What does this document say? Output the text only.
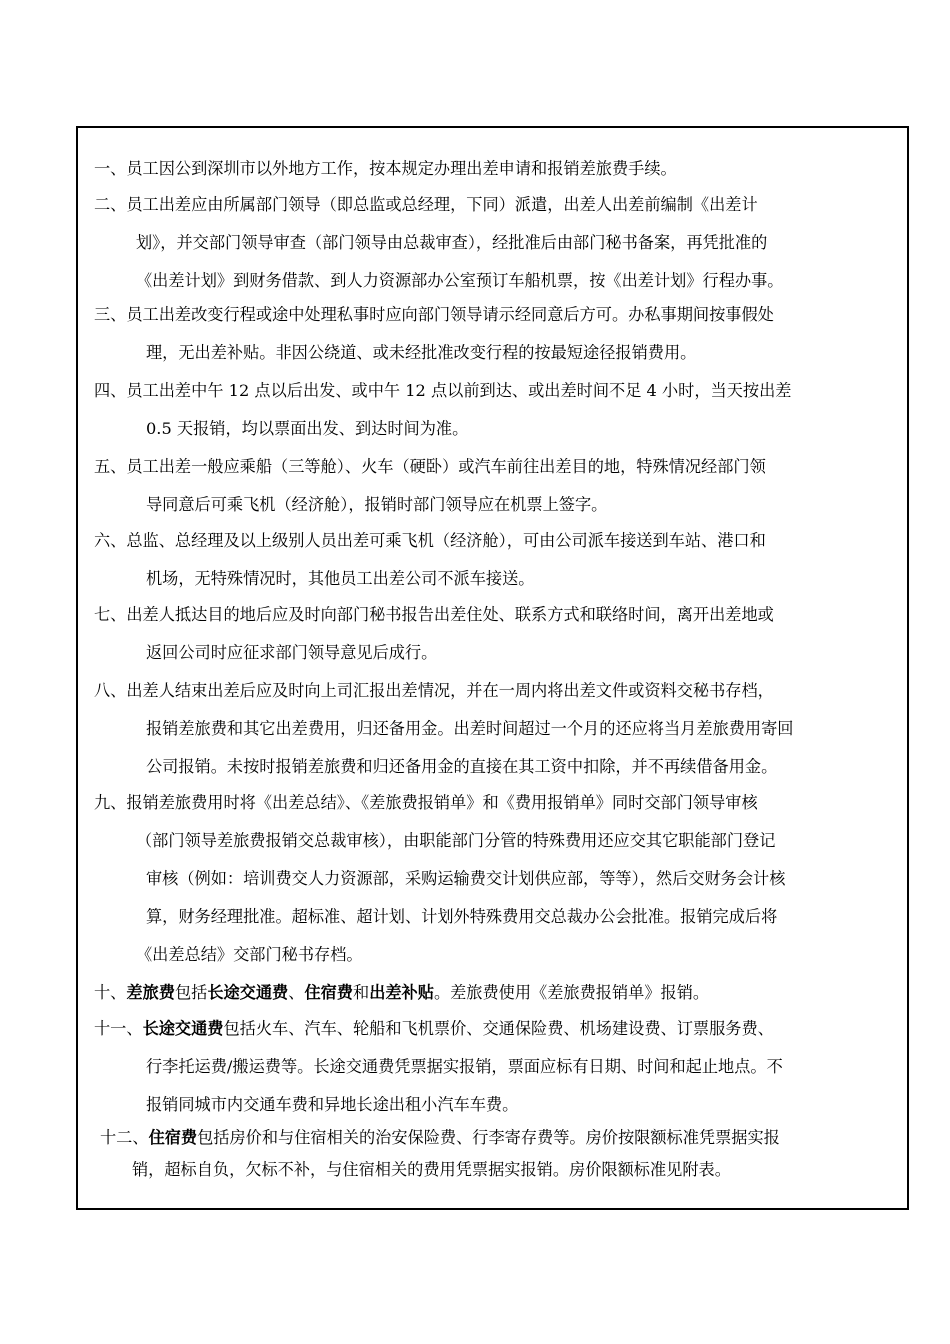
一、员工因公到深圳市以外地方工作，按本规定办理出差申请和报销差旅费手续。
二、员工出差应由所属部门领导（即总监或总经理，下同）派遣，出差人出差前编制《出差计
划》，并交部门领导审查（部门领导由总裁审查），经批准后由部门秘书备案，再凭批准的
《出差计划》到财务借款、到人力资源部办公室预订车船机票，按《出差计划》行程办事。
三、员工出差改变行程或途中处理私事时应向部门领导请示经同意后方可。办私事期间按事假处
理，无出差补贴。非因公绕道、或未经批准改变行程的按最短途径报销费用。
四、员工出差中午 12 点以后出发、或中午 12 点以前到达、或出差时间不足 4 小时，当天按出差
0.5 天报销，均以票面出发、到达时间为准。
五、员工出差一般应乘船（三等舱）、火车（硬卧）或汽车前往出差目的地，特殊情况经部门领
导同意后可乘飞机（经济舱），报销时部门领导应在机票上签字。
六、总监、总经理及以上级别人员出差可乘飞机（经济舱），可由公司派车接送到车站、港口和
机场，无特殊情况时，其他员工出差公司不派车接送。
七、出差人抵达目的地后应及时向部门秘书报告出差住处、联系方式和联络时间，离开出差地或
返回公司时应征求部门领导意见后成行。
八、出差人结束出差后应及时向上司汇报出差情况，并在一周内将出差文件或资料交秘书存档，
报销差旅费和其它出差费用，归还备用金。出差时间超过一个月的还应将当月差旅费用寄回
公司报销。未按时报销差旅费和归还备用金的直接在其工资中扣除，并不再续借备用金。
九、报销差旅费用时将《出差总结》、《差旅费报销单》和《费用报销单》同时交部门领导审核
（部门领导差旅费报销交总裁审核），由职能部门分管的特殊费用还应交其它职能部门登记
审核（例如：培训费交人力资源部，采购运输费交计划供应部，等等），然后交财务会计核
算，财务经理批准。超标准、超计划、计划外特殊费用交总裁办公会批准。报销完成后将
《出差总结》交部门秘书存档。
十、差旅费包括长途交通费、住宿费和出差补贴。差旅费使用《差旅费报销单》报销。
十一、长途交通费包括火车、汽车、轮船和飞机票价、交通保险费、机场建设费、订票服务费、
行李托运费/搬运费等。长途交通费凭票据实报销，票面应标有日期、时间和起止地点。不
报销同城市内交通车费和异地长途出租小汽车车费。
十二、住宿费包括房价和与住宿相关的治安保险费、行李寄存费等。房价按限额标准凭票据实报
销，超标自负，欠标不补，与住宿相关的费用凭票据实报销。房价限额标准见附表。
